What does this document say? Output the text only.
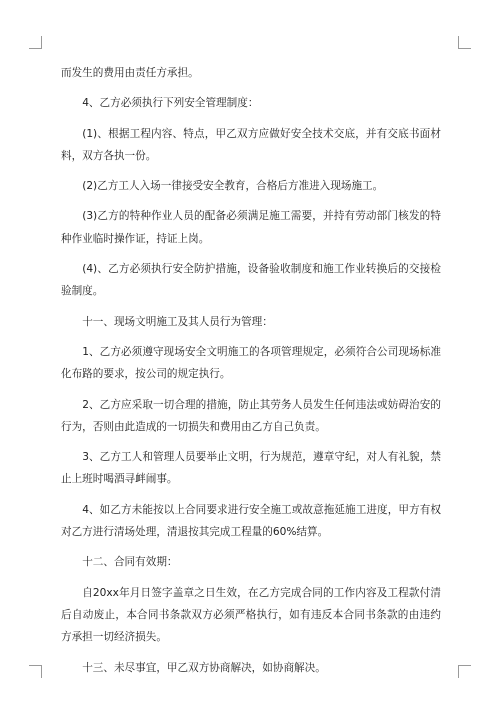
而发生的费用由责任方承担。

4、乙方必须执行下列安全管理制度：

(1)、根据工程内容、特点，甲乙双方应做好安全技术交底，并有交底书面材料，双方各执一份。

(2)乙方工人入场一律接受安全教育，合格后方准进入现场施工。

(3)乙方的特种作业人员的配备必须满足施工需要，并持有劳动部门核发的特种作业临时操作证，持证上岗。

(4)、乙方必须执行安全防护措施，设备验收制度和施工作业转换后的交接检验制度。

十一、现场文明施工及其人员行为管理：

1、乙方必须遵守现场安全文明施工的各项管理规定，必须符合公司现场标准化布路的要求，按公司的规定执行。

2、乙方应采取一切合理的措施，防止其劳务人员发生任何违法或妨碍治安的行为，否则由此造成的一切损失和费用由乙方自己负责。

3、乙方工人和管理人员要举止文明，行为规范，遵章守纪，对人有礼貌，禁止上班时喝酒寻衅闹事。

4、如乙方未能按以上合同要求进行安全施工或故意拖延施工进度，甲方有权对乙方进行清场处理，清退按其完成工程量的60%结算。

十二、合同有效期：

自20xx年月日签字盖章之日生效，在乙方完成合同的工作内容及工程款付清后自动废止，本合同书条款双方必须严格执行，如有违反本合同书条款的由违约方承担一切经济损失。

十三、未尽事宜，甲乙双方协商解决，如协商解决。
